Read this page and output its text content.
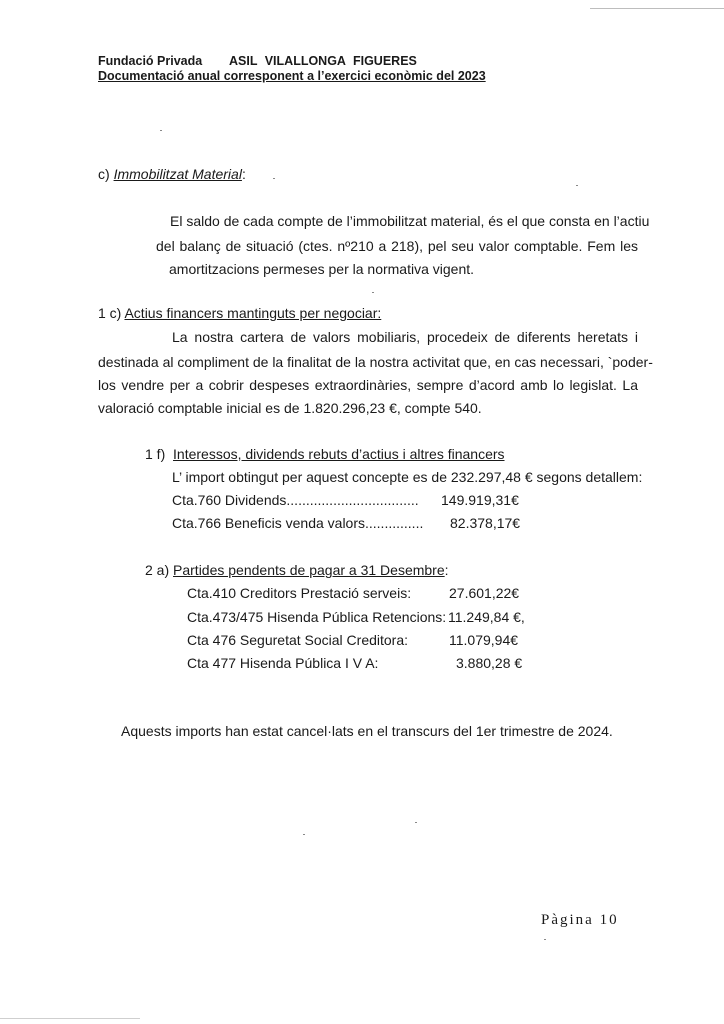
Fundació Privada ASIL VILALLONGA FIGUERES
Documentació anual corresponent a l’exercici econòmic del 2023
c) Immobilitzat Material:
El saldo de cada compte de l’immobilitzat material, és el que consta en l’actiu
del balanç de situació (ctes. nº210 a 218), pel seu valor comptable. Fem les
amortitzacions permeses per la normativa vigent.
1 c) Actius financers mantinguts per negociar:
La nostra cartera de valors mobiliaris, procedeix de diferents heretats i
destinada al compliment de la finalitat de la nostra activitat que, en cas necessari, `poder-
los vendre per a cobrir despeses extraordinàries, sempre d’acord amb lo legislat. La
valoració comptable inicial es de 1.820.296,23 €, compte 540.
1 f) Interessos, dividends rebuts d’actius i altres financers
L’ import obtingut per aquest concepte es de 232.297,48 € segons detallem:
Cta.760 Dividends.................................. 149.919,31€
Cta.766 Beneficis venda valors............... 82.378,17€
2 a) Partides pendents de pagar a 31 Desembre:
Cta.410 Creditors Prestació serveis:	27.601,22€
Cta.473/475 Hisenda Pública Retencions: 11.249,84 €,
Cta 476 Seguretat Social Creditora:	11.079,94€
Cta 477 Hisenda Pública I V A:	3.880,28 €
Aquests imports han estat cancel·lats en el transcurs del 1er trimestre de 2024.
Pàgina 10
